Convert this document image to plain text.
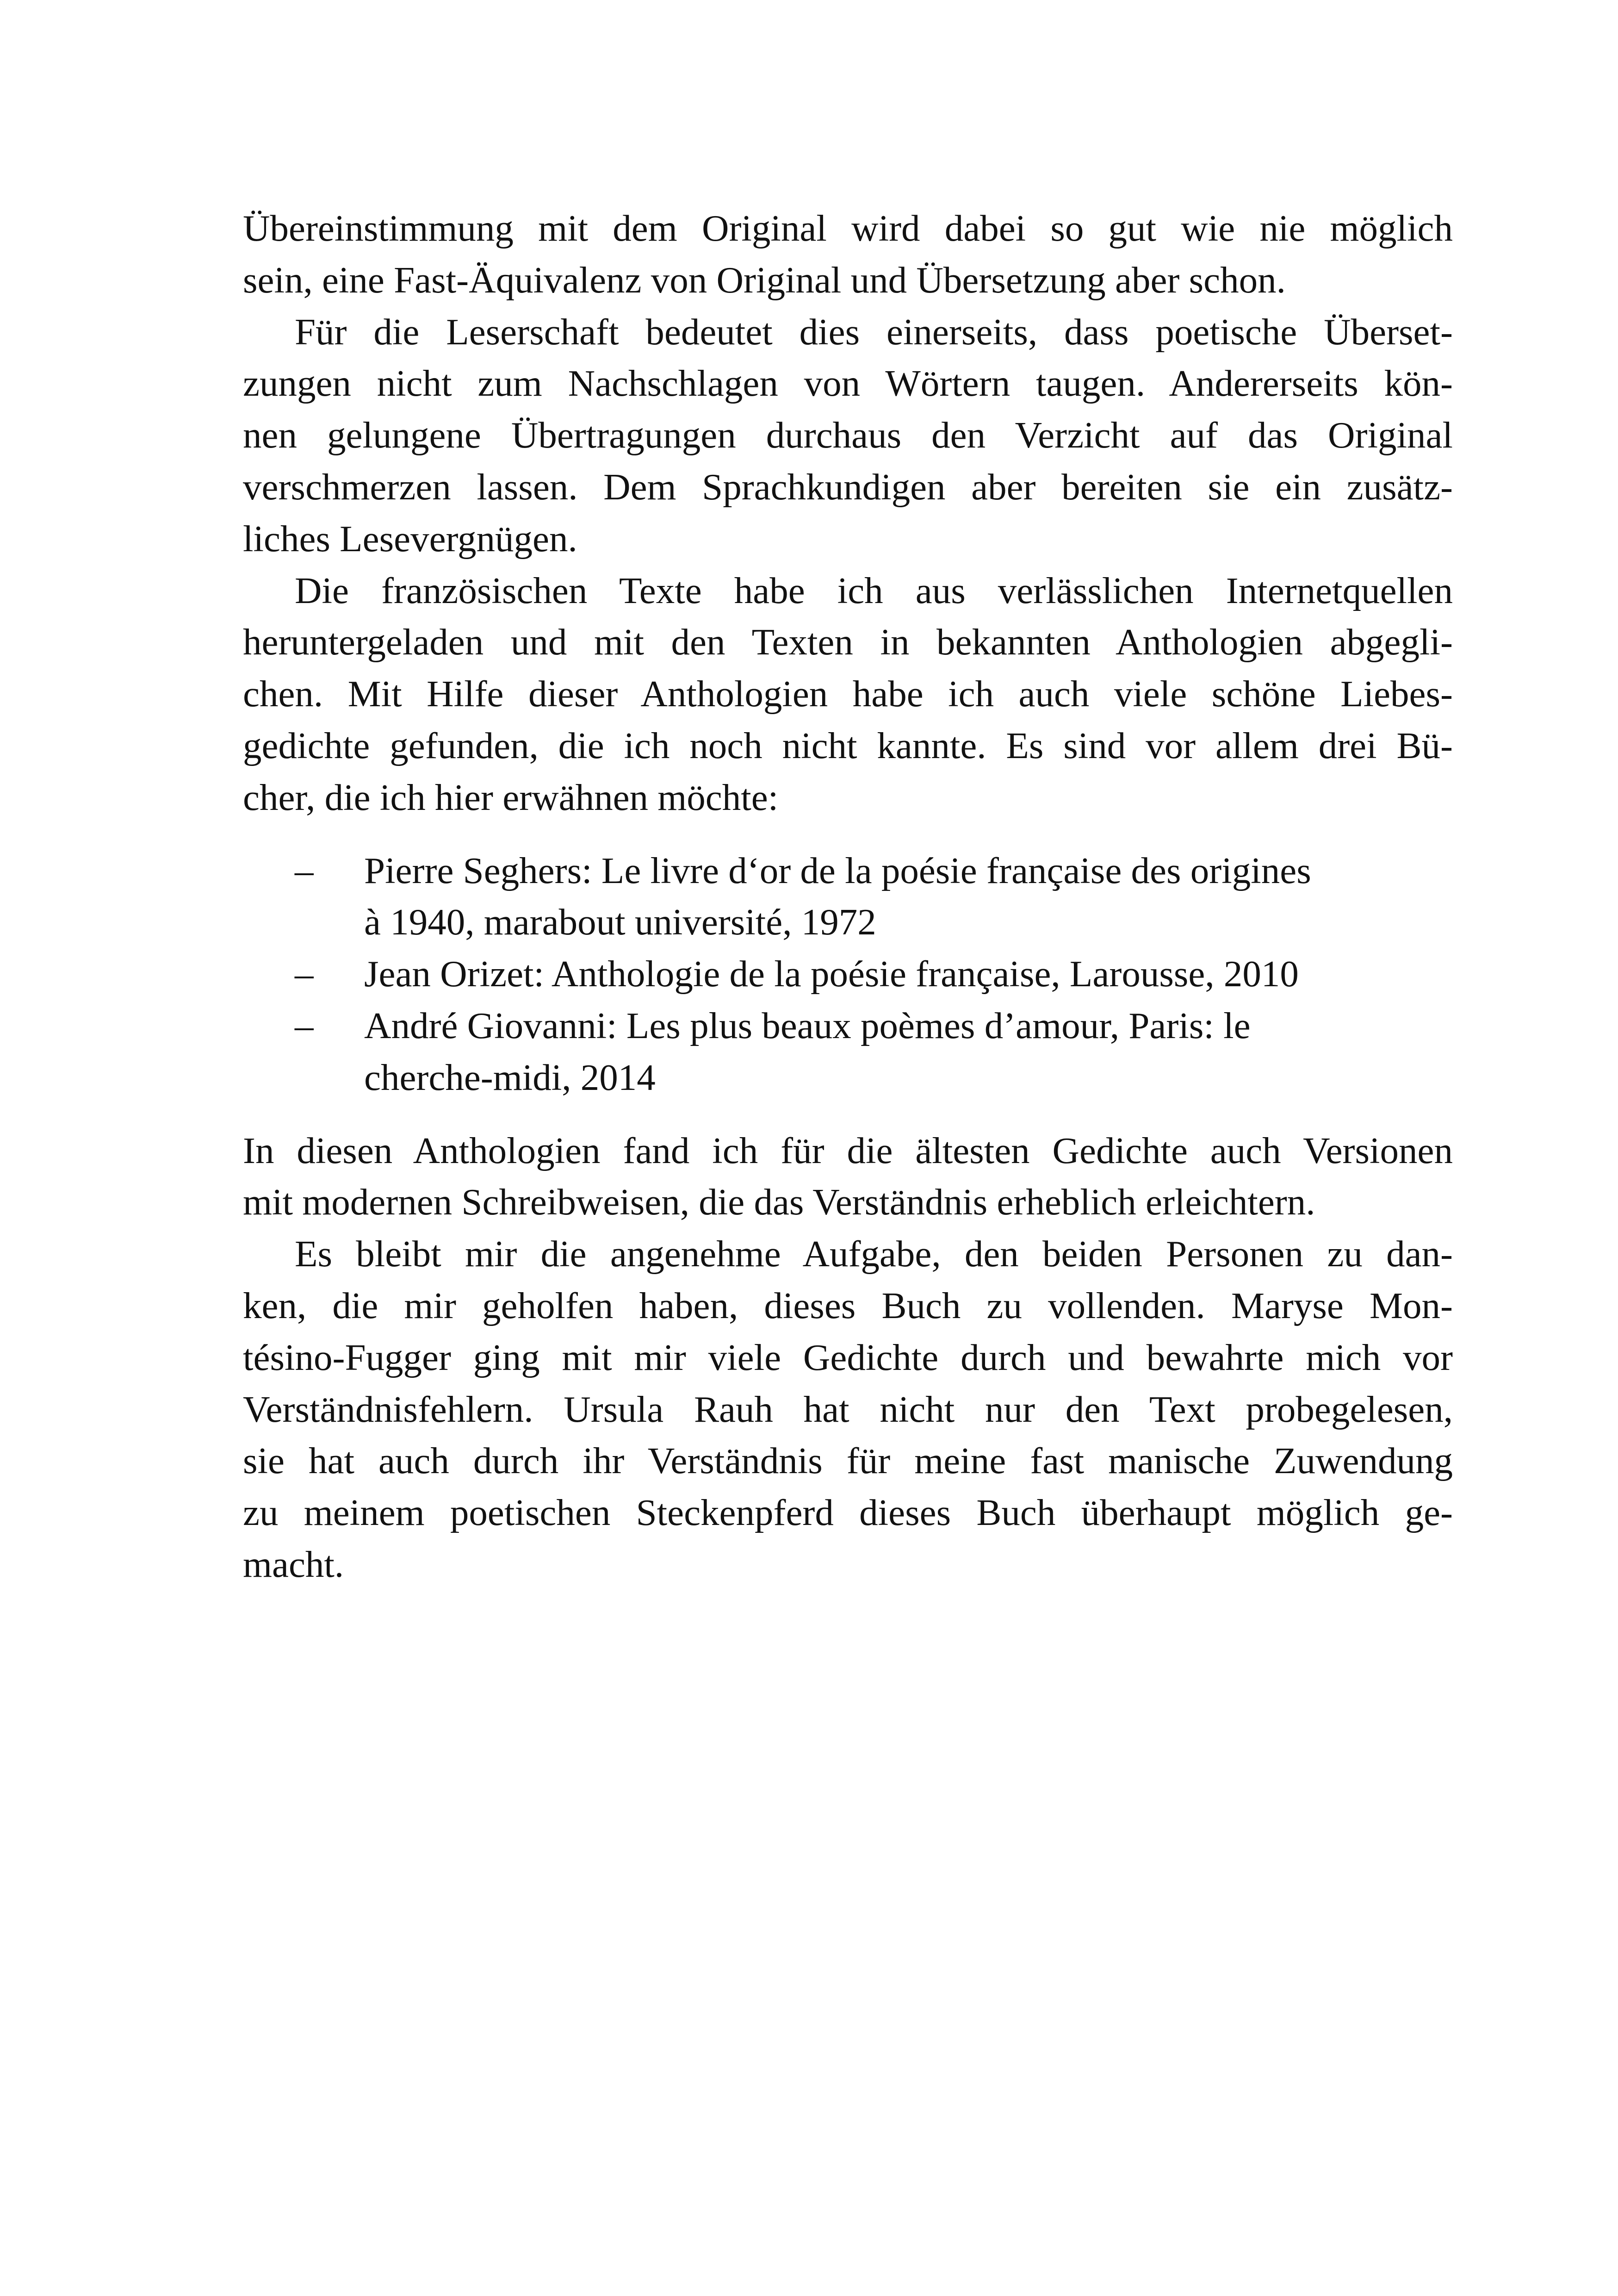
Übereinstimmung mit dem Original wird dabei so gut wie nie möglich
sein, eine Fast-Äquivalenz von Original und Übersetzung aber schon.
Für die Leserschaft bedeutet dies einerseits, dass poetische Überset-
zungen nicht zum Nachschlagen von Wörtern taugen. Andererseits kön-
nen gelungene Übertragungen durchaus den Verzicht auf das Original
verschmerzen lassen. Dem Sprachkundigen aber bereiten sie ein zusätz-
liches Lesevergnügen.
Die französischen Texte habe ich aus verlässlichen Internetquellen
heruntergeladen und mit den Texten in bekannten Anthologien abgegli-
chen. Mit Hilfe dieser Anthologien habe ich auch viele schöne Liebes-
gedichte gefunden, die ich noch nicht kannte. Es sind vor allem drei Bü-
cher, die ich hier erwähnen möchte:
– Pierre Seghers: Le livre d‘or de la poésie française des origines
à 1940, marabout université, 1972
– Jean Orizet: Anthologie de la poésie française, Larousse, 2010
– André Giovanni: Les plus beaux poèmes d’amour, Paris: le
cherche-midi, 2014
In diesen Anthologien fand ich für die ältesten Gedichte auch Versionen
mit modernen Schreibweisen, die das Verständnis erheblich erleichtern.
Es bleibt mir die angenehme Aufgabe, den beiden Personen zu dan-
ken, die mir geholfen haben, dieses Buch zu vollenden. Maryse Mon-
tésino-Fugger ging mit mir viele Gedichte durch und bewahrte mich vor
Verständnisfehlern. Ursula Rauh hat nicht nur den Text probegelesen,
sie hat auch durch ihr Verständnis für meine fast manische Zuwendung
zu meinem poetischen Steckenpferd dieses Buch überhaupt möglich ge-
macht.
